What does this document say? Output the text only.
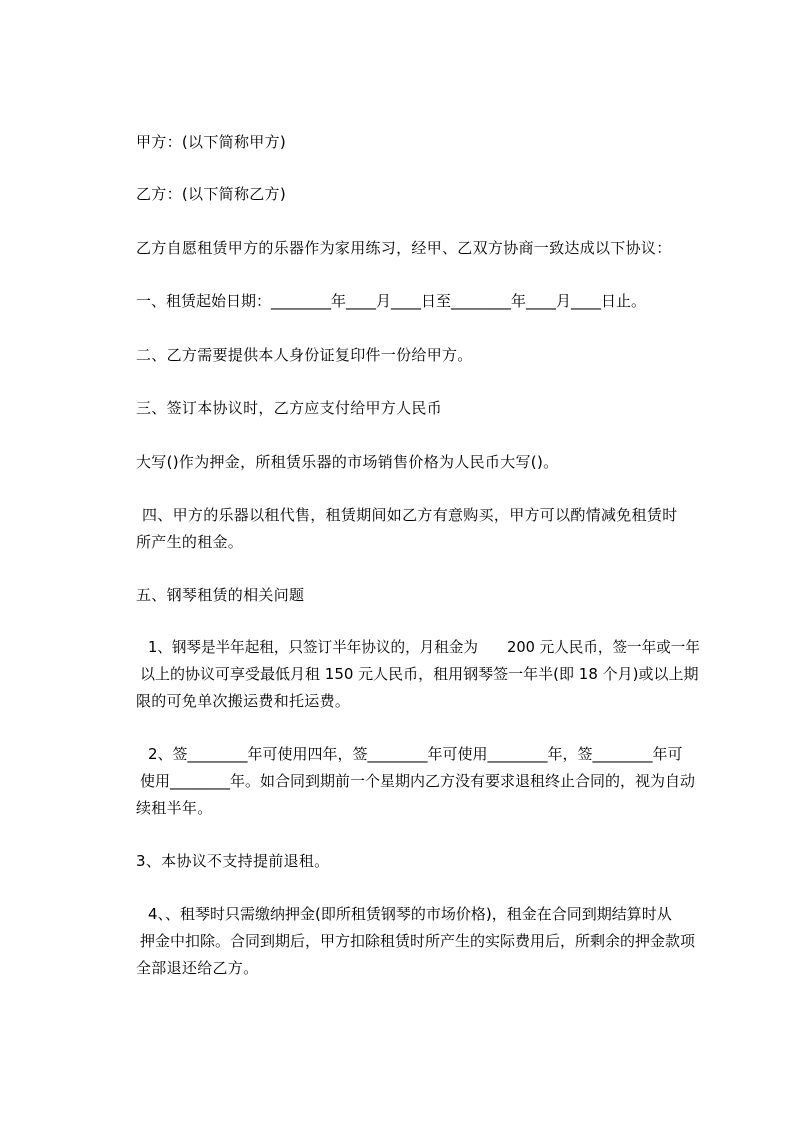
甲方：(以下简称甲方)
乙方：(以下简称乙方)
乙方自愿租赁甲方的乐器作为家用练习，经甲、乙双方协商一致达成以下协议：
一、租赁起始日期：________年____月____日至________年____月____日止。
二、乙方需要提供本人身份证复印件一份给甲方。
三、签订本协议时，乙方应支付给甲方人民币
大写()作为押金，所租赁乐器的市场销售价格为人民币大写()。
四、甲方的乐器以租代售，租赁期间如乙方有意购买，甲方可以酌情减免租赁时
所产生的租金。
五、钢琴租赁的相关问题
1、钢琴是半年起租，只签订半年协议的，月租金为　　200 元人民币，签一年或一年
以上的协议可享受最低月租 150 元人民币，租用钢琴签一年半(即 18 个月)或以上期
限的可免单次搬运费和托运费。
2、签________年可使用四年，签________年可使用________年，签________年可
使用________年。如合同到期前一个星期内乙方没有要求退租终止合同的，视为自动
续租半年。
3、本协议不支持提前退租。
4、、租琴时只需缴纳押金(即所租赁钢琴的市场价格)，租金在合同到期结算时从
押金中扣除。合同到期后，甲方扣除租赁时所产生的实际费用后，所剩余的押金款项
全部退还给乙方。
